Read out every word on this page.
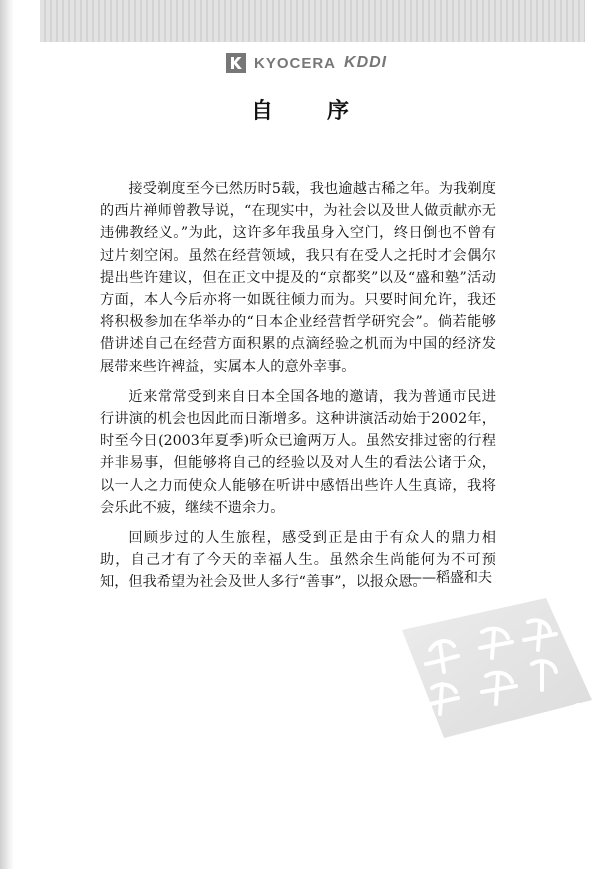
KYOCERA KDDI
自序

接受剃度至今已然历时5载，我也逾越古稀之年。为我剃度的西片禅师曾教导说，“在现实中，为社会以及世人做贡献亦无违佛教经义。”为此，这许多年我虽身入空门，终日倒也不曾有过片刻空闲。虽然在经营领域，我只有在受人之托时才会偶尔提出些许建议，但在正文中提及的“京都奖”以及“盛和塾”活动方面，本人今后亦将一如既往倾力而为。只要时间允许，我还将积极参加在华举办的“日本企业经营哲学研究会”。倘若能够借讲述自己在经营方面积累的点滴经验之机而为中国的经济发展带来些许裨益，实属本人的意外幸事。

近来常常受到来自日本全国各地的邀请，我为普通市民进行讲演的机会也因此而日渐增多。这种讲演活动始于2002年，时至今日(2003年夏季)听众已逾两万人。虽然安排过密的行程并非易事，但能够将自己的经验以及对人生的看法公诸于众，以一人之力而使众人能够在听讲中感悟出些许人生真谛，我将会乐此不疲，继续不遗余力。

回顾步过的人生旅程，感受到正是由于有众人的鼎力相助，自己才有了今天的幸福人生。虽然余生尚能何为不可预知，但我希望为社会及世人多行“善事”，以报众恩。

——稻盛和夫
PDG
